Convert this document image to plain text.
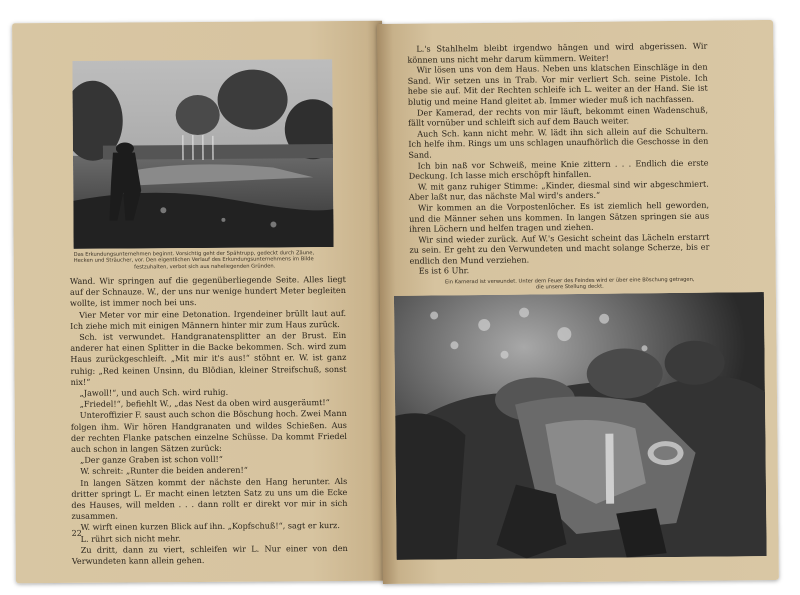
Das Erkundungsunternehmen beginnt. Vorsichtig geht der Spähtrupp, gedeckt durch Zäune,
Hecken und Sträucher, vor. Den eigentlichen Verlauf des Erkundungsunternehmens im Bilde
festzuhalten, verbot sich aus naheliegenden Gründen.

Wand. Wir springen auf die gegenüberliegende Seite. Alles liegt auf der Schnauze. W., der uns nur wenige hundert Meter begleiten wollte, ist immer noch bei uns.

Vier Meter vor mir eine Detonation. Irgendeiner brüllt laut auf. Ich ziehe mich mit einigen Männern hinter mir zum Haus zurück.

Sch. ist verwundet. Handgranatensplitter an der Brust. Ein anderer hat einen Splitter in die Backe bekommen. Sch. wird zum Haus zurückgeschleift. „Mit mir it's aus!“ stöhnt er. W. ist ganz ruhig: „Red keinen Unsinn, du Blödian, kleiner Streifschuß, sonst nix!“

„Jawoll!“, und auch Sch. wird ruhig.

„Friedel!“, befiehlt W., „das Nest da oben wird ausgeräumt!“

Unteroffizier F. saust auch schon die Böschung hoch. Zwei Mann folgen ihm. Wir hören Handgranaten und wildes Schießen. Aus der rechten Flanke patschen einzelne Schüsse. Da kommt Friedel auch schon in langen Sätzen zurück:

„Der ganze Graben ist schon voll!“

W. schreit: „Runter die beiden anderen!“

In langen Sätzen kommt der nächste den Hang herunter. Als dritter springt L. Er macht einen letzten Satz zu uns um die Ecke des Hauses, will melden . . . dann rollt er direkt vor mir in sich zusammen.

W. wirft einen kurzen Blick auf ihn. „Kopfschuß!“, sagt er kurz.

L. rührt sich nicht mehr.

Zu dritt, dann zu viert, schleifen wir L. Nur einer von den Verwundeten kann allein gehen.

22

L.'s Stahlhelm bleibt irgendwo hängen und wird abgerissen. Wir können uns nicht mehr darum kümmern. Weiter!

Wir lösen uns von dem Haus. Neben uns klatschen Einschläge in den Sand. Wir setzen uns in Trab. Vor mir verliert Sch. seine Pistole. Ich hebe sie auf. Mit der Rechten schleife ich L. weiter an der Hand. Sie ist blutig und meine Hand gleitet ab. Immer wieder muß ich nachfassen.

Der Kamerad, der rechts von mir läuft, bekommt einen Wadenschuß, fällt vornüber und schleift sich auf dem Bauch weiter.

Auch Sch. kann nicht mehr. W. lädt ihn sich allein auf die Schultern. Ich helfe ihm. Rings um uns schlagen unaufhörlich die Geschosse in den Sand.

Ich bin naß vor Schweiß, meine Knie zittern . . . Endlich die erste Deckung. Ich lasse mich erschöpft hinfallen.

W. mit ganz ruhiger Stimme: „Kinder, diesmal sind wir abgeschmiert. Aber laßt nur, das nächste Mal wird's anders.“

Wir kommen an die Vorpostenlöcher. Es ist ziemlich hell geworden, und die Männer sehen uns kommen. In langen Sätzen springen sie aus ihren Löchern und helfen tragen und ziehen.

Wir sind wieder zurück. Auf W.'s Gesicht scheint das Lächeln erstarrt zu sein. Er geht zu den Verwundeten und macht solange Scherze, bis er endlich den Mund verziehen.

Es ist 6 Uhr.

Ein Kamerad ist verwundet. Unter dem Feuer des Feindes wird er über eine Böschung getragen,
die unsere Stellung deckt.
